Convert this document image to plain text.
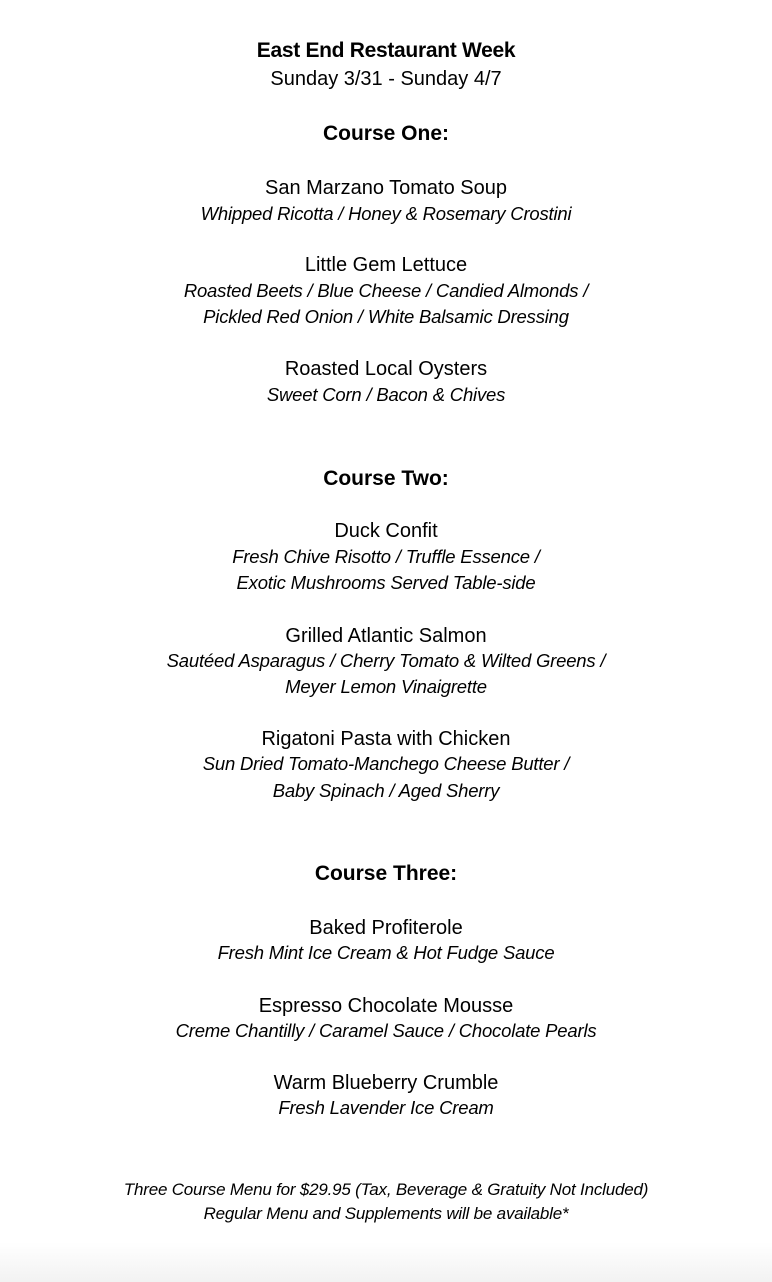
East End Restaurant Week
Sunday 3/31 - Sunday 4/7
Course One:
San Marzano Tomato Soup
Whipped Ricotta / Honey & Rosemary Crostini
Little Gem Lettuce
Roasted Beets / Blue Cheese / Candied Almonds /
Pickled Red Onion / White Balsamic Dressing
Roasted Local Oysters
Sweet Corn / Bacon & Chives
Course Two:
Duck Confit
Fresh Chive Risotto / Truffle Essence /
Exotic Mushrooms Served Table-side
Grilled Atlantic Salmon
Sautéed Asparagus / Cherry Tomato & Wilted Greens /
Meyer Lemon Vinaigrette
Rigatoni Pasta with Chicken
Sun Dried Tomato-Manchego Cheese Butter /
Baby Spinach / Aged Sherry
Course Three:
Baked Profiterole
Fresh Mint Ice Cream & Hot Fudge Sauce
Espresso Chocolate Mousse
Creme Chantilly / Caramel Sauce / Chocolate Pearls
Warm Blueberry Crumble
Fresh Lavender Ice Cream
Three Course Menu for $29.95 (Tax, Beverage & Gratuity Not Included)
Regular Menu and Supplements will be available*
